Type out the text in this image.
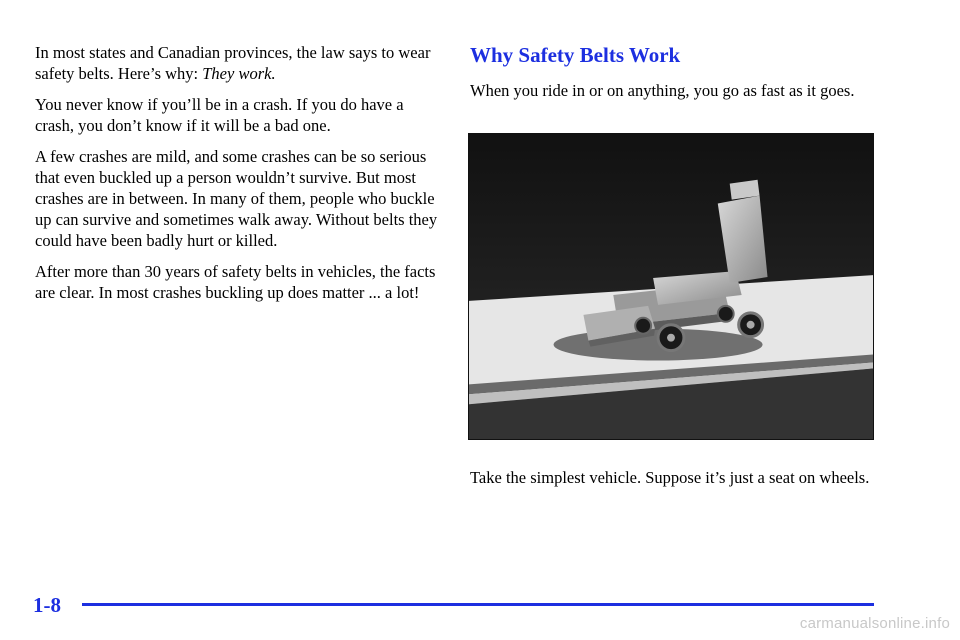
In most states and Canadian provinces, the law says to wear safety belts. Here’s why: They work.

You never know if you’ll be in a crash. If you do have a crash, you don’t know if it will be a bad one.

A few crashes are mild, and some crashes can be so serious that even buckled up a person wouldn’t survive. But most crashes are in between. In many of them, people who buckle up can survive and sometimes walk away. Without belts they could have been badly hurt or killed.

After more than 30 years of safety belts in vehicles, the facts are clear. In most crashes buckling up does matter ... a lot!

Why Safety Belts Work

When you ride in or on anything, you go as fast as it goes.

Take the simplest vehicle. Suppose it’s just a seat on wheels.

1-8
carmanualsonline.info
